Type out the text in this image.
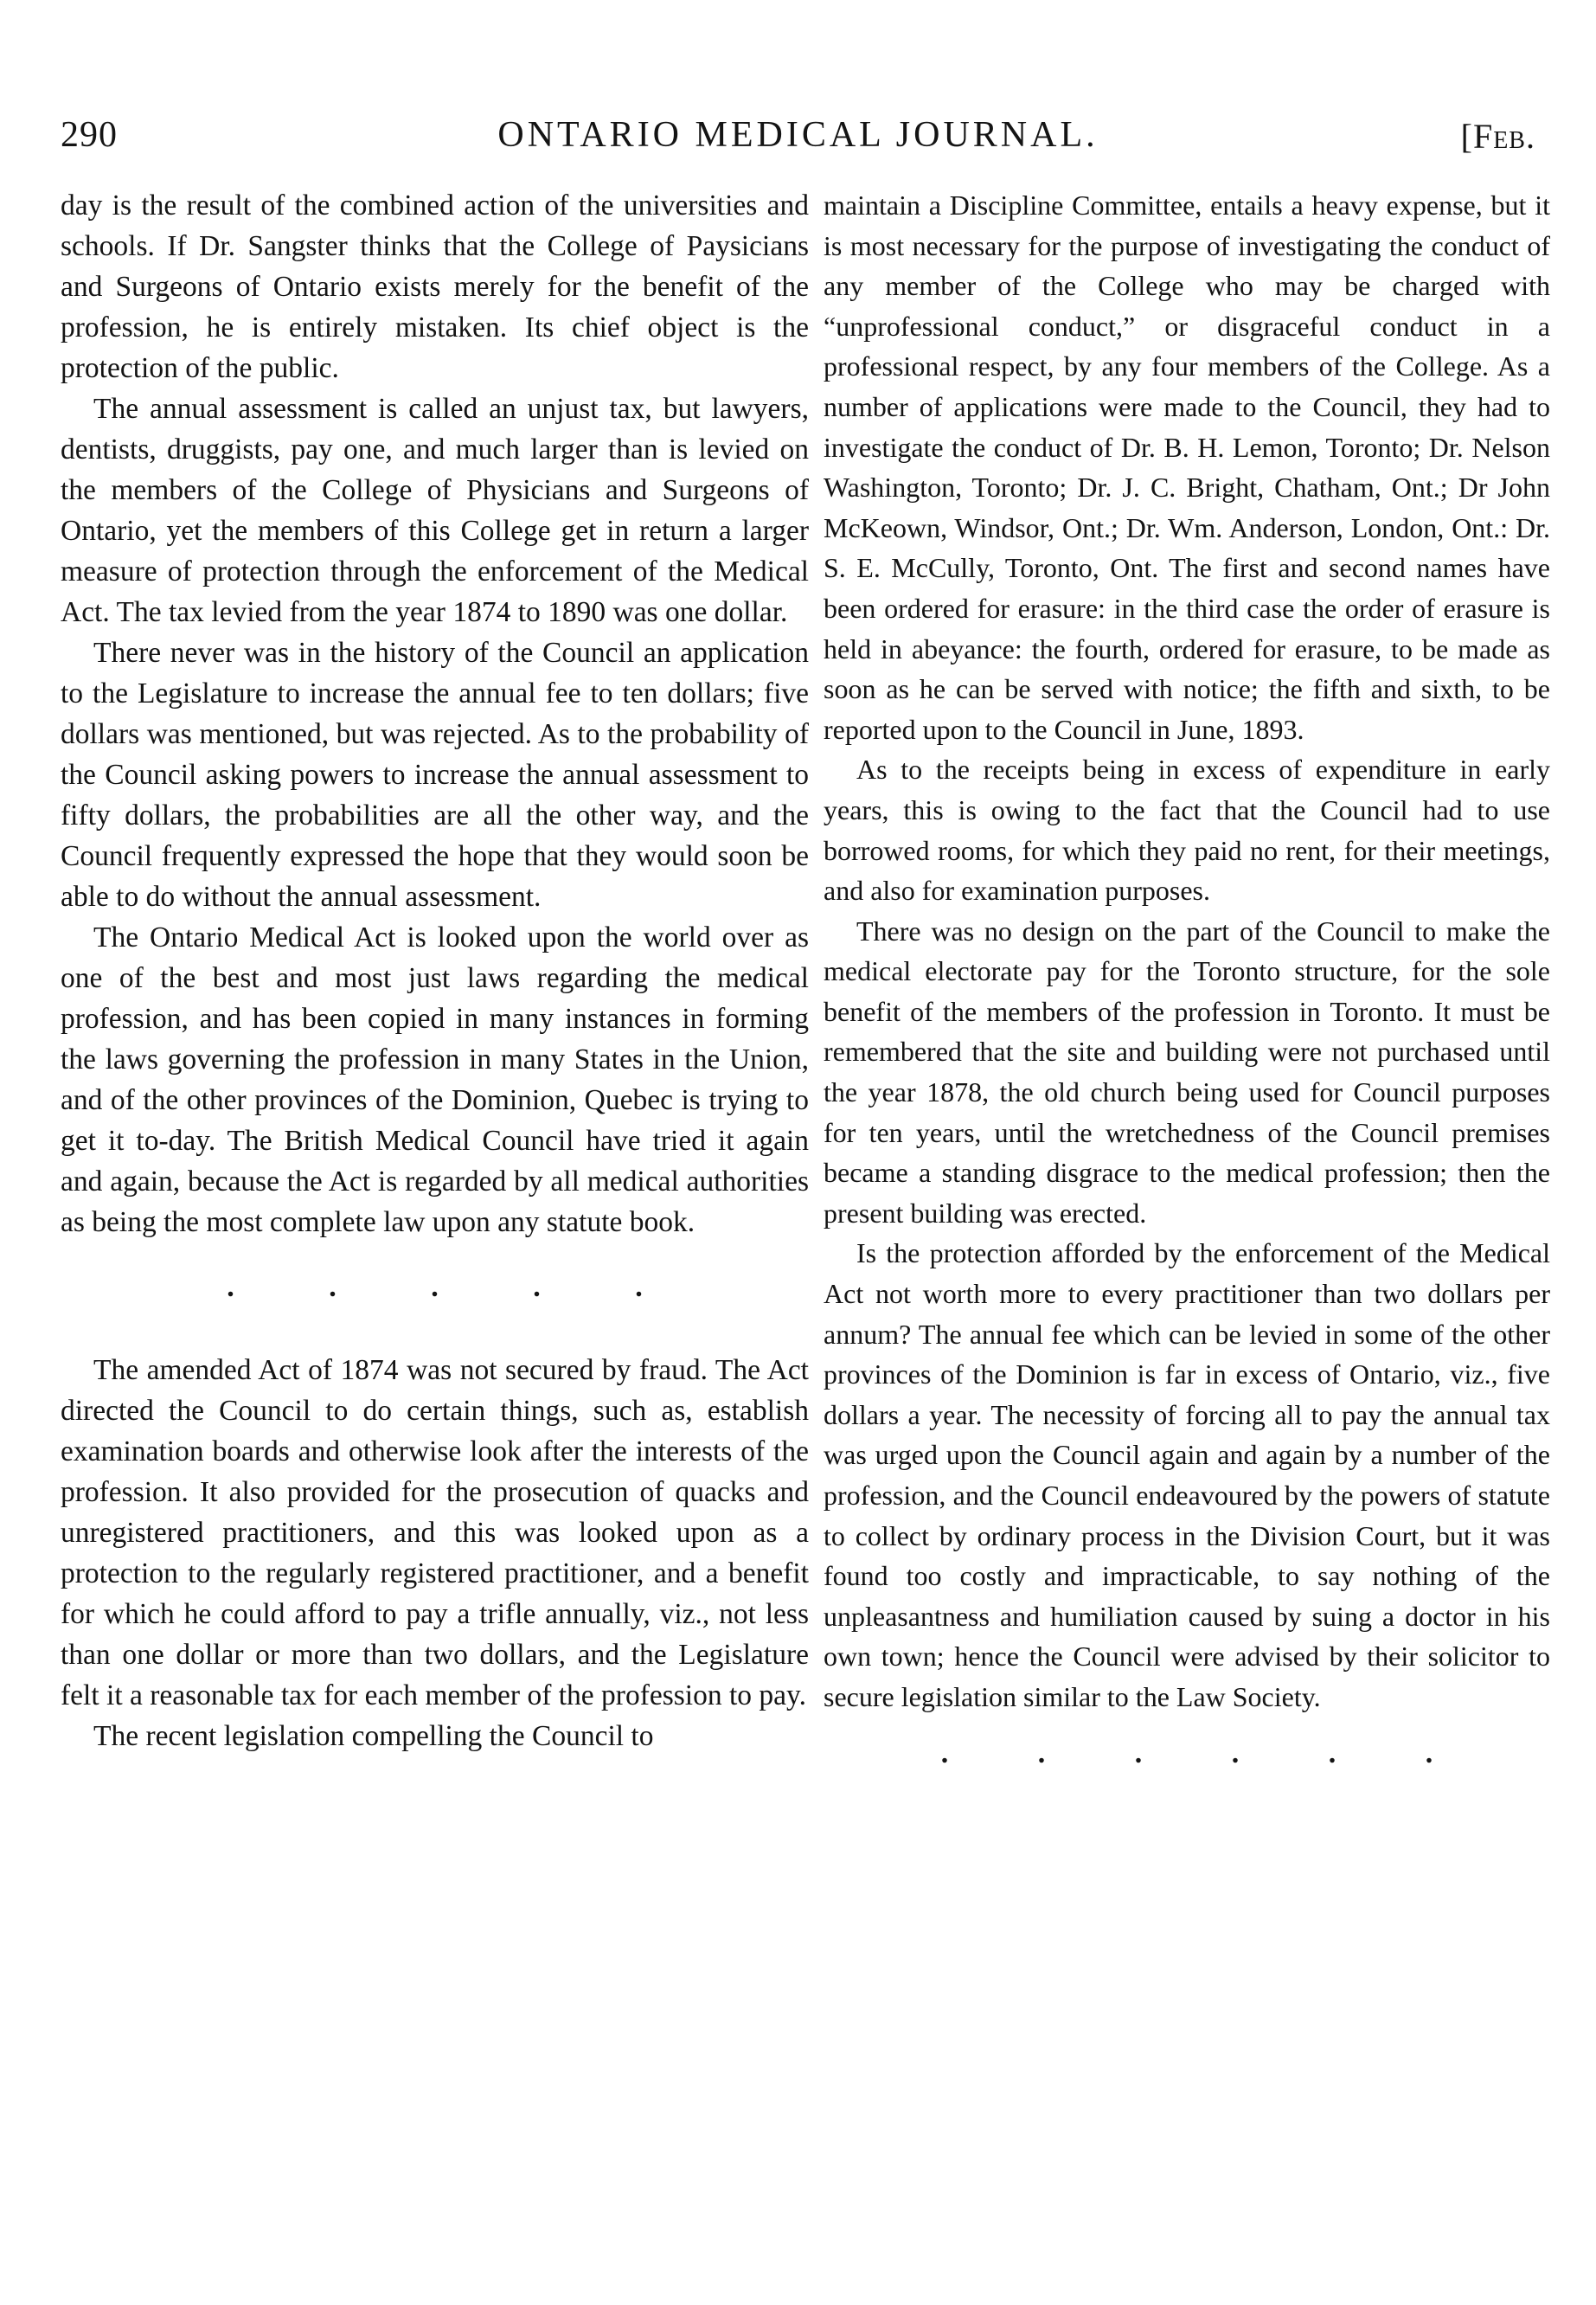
290	ONTARIO MEDICAL JOURNAL.	[Feb.

day is the result of the combined action of the universities and schools. If Dr. Sangster thinks that the College of Paysicians and Surgeons of Ontario exists merely for the benefit of the profession, he is entirely mistaken. Its chief object is the protection of the public.

The annual assessment is called an unjust tax, but lawyers, dentists, druggists, pay one, and much larger than is levied on the members of the College of Physicians and Surgeons of Ontario, yet the members of this College get in return a larger measure of protection through the enforcement of the Medical Act. The tax levied from the year 1874 to 1890 was one dollar.

There never was in the history of the Council an application to the Legislature to increase the annual fee to ten dollars; five dollars was mentioned, but was rejected. As to the probability of the Council asking powers to increase the annual assessment to fifty dollars, the probabilities are all the other way, and the Council frequently expressed the hope that they would soon be able to do without the annual assessment.

The Ontario Medical Act is looked upon the world over as one of the best and most just laws regarding the medical profession, and has been copied in many instances in forming the laws governing the profession in many States in the Union, and of the other provinces of the Dominion, Quebec is trying to get it to-day. The British Medical Council have tried it again and again, because the Act is regarded by all medical authorities as being the most complete law upon any statute book.

.	.	.	.	.

The amended Act of 1874 was not secured by fraud. The Act directed the Council to do certain things, such as, establish examination boards and otherwise look after the interests of the profession. It also provided for the prosecution of quacks and unregistered practitioners, and this was looked upon as a protection to the regularly registered practitioner, and a benefit for which he could afford to pay a trifle annually, viz., not less than one dollar or more than two dollars, and the Legislature felt it a reasonable tax for each member of the profession to pay.

The recent legislation compelling the Council to

maintain a Discipline Committee, entails a heavy expense, but it is most necessary for the purpose of investigating the conduct of any member of the College who may be charged with “unprofessional conduct,” or disgraceful conduct in a professional respect, by any four members of the College. As a number of applications were made to the Council, they had to investigate the conduct of Dr. B. H. Lemon, Toronto; Dr. Nelson Washington, Toronto; Dr. J. C. Bright, Chatham, Ont.; Dr John McKeown, Windsor, Ont.; Dr. Wm. Anderson, London, Ont.: Dr. S. E. McCully, Toronto, Ont. The first and second names have been ordered for erasure: in the third case the order of erasure is held in abeyance: the fourth, ordered for erasure, to be made as soon as he can be served with notice; the fifth and sixth, to be reported upon to the Council in June, 1893.

As to the receipts being in excess of expenditure in early years, this is owing to the fact that the Council had to use borrowed rooms, for which they paid no rent, for their meetings, and also for examination purposes.

There was no design on the part of the Council to make the medical electorate pay for the Toronto structure, for the sole benefit of the members of the profession in Toronto. It must be remembered that the site and building were not purchased until the year 1878, the old church being used for Council purposes for ten years, until the wretchedness of the Council premises became a standing disgrace to the medical profession; then the present building was erected.

Is the protection afforded by the enforcement of the Medical Act not worth more to every practitioner than two dollars per annum? The annual fee which can be levied in some of the other provinces of the Dominion is far in excess of Ontario, viz., five dollars a year. The necessity of forcing all to pay the annual tax was urged upon the Council again and again by a number of the profession, and the Council endeavoured by the powers of statute to collect by ordinary process in the Division Court, but it was found too costly and impracticable, to say nothing of the unpleasantness and humiliation caused by suing a doctor in his own town; hence the Council were advised by their solicitor to secure legislation similar to the Law Society.

.	.	.	.	.	.
